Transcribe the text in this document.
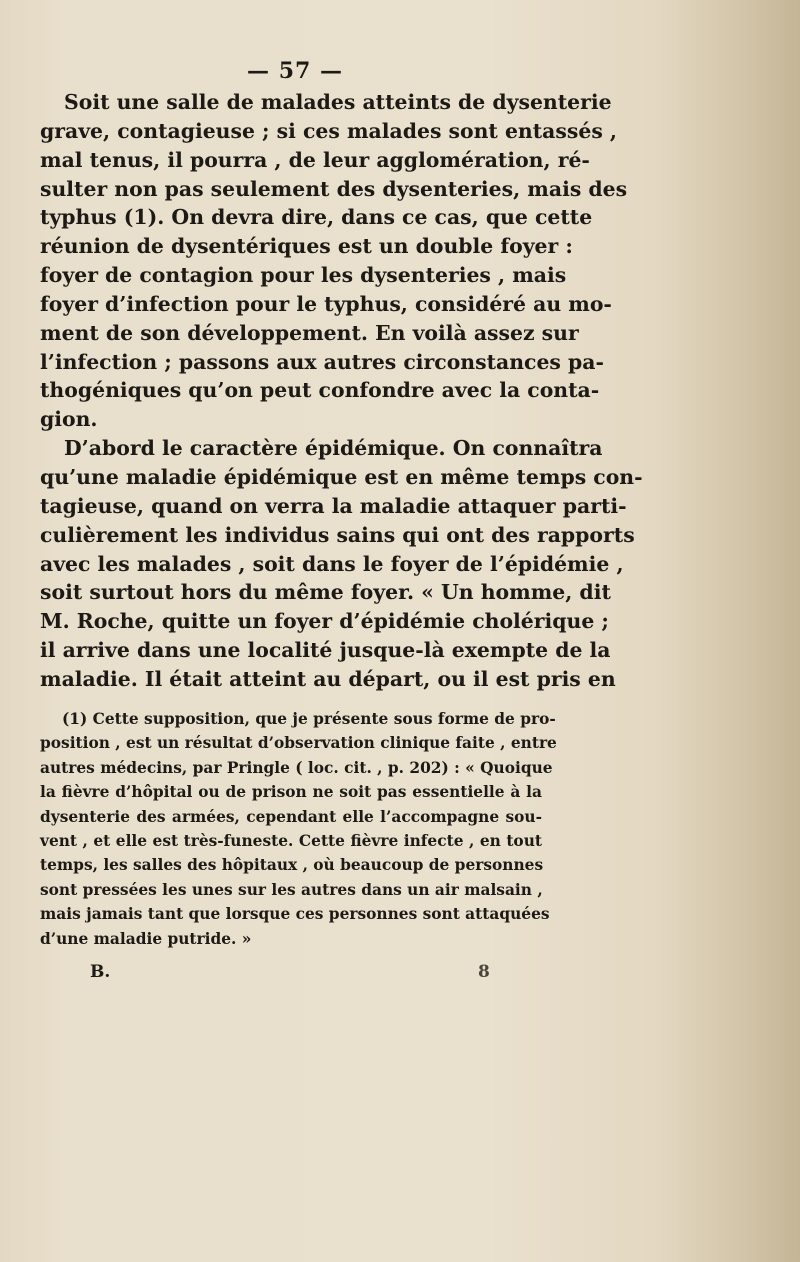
— 57 —
Soit une salle de malades atteints de dysenterie
grave, contagieuse ; si ces malades sont entassés ,
mal tenus, il pourra , de leur agglomération, ré-
sulter non pas seulement des dysenteries, mais des
typhus (1). On devra dire, dans ce cas, que cette
réunion de dysentériques est un double foyer :
foyer de contagion pour les dysenteries , mais
foyer d’infection pour le typhus, considéré au mo-
ment de son développement. En voilà assez sur
l’infection ; passons aux autres circonstances pa-
thogéniques qu’on peut confondre avec la conta-
gion.
D’abord le caractère épidémique. On connaîtra
qu’une maladie épidémique est en même temps con-
tagieuse, quand on verra la maladie attaquer parti-
culièrement les individus sains qui ont des rapports
avec les malades , soit dans le foyer de l’épidémie ,
soit surtout hors du même foyer. « Un homme, dit
M. Roche, quitte un foyer d’épidémie cholérique ;
il arrive dans une localité jusque-là exempte de la
maladie. Il était atteint au départ, ou il est pris en
(1) Cette supposition, que je présente sous forme de pro-
position , est un résultat d’observation clinique faite , entre
autres médecins, par Pringle ( loc. cit. , p. 202) : « Quoique
la fièvre d’hôpital ou de prison ne soit pas essentielle à la
dysenterie des armées, cependant elle l’accompagne sou-
vent , et elle est très-funeste. Cette fièvre infecte , en tout
temps, les salles des hôpitaux , où beaucoup de personnes
sont pressées les unes sur les autres dans un air malsain ,
mais jamais tant que lorsque ces personnes sont attaquées
d’une maladie putride. »
B.	8
